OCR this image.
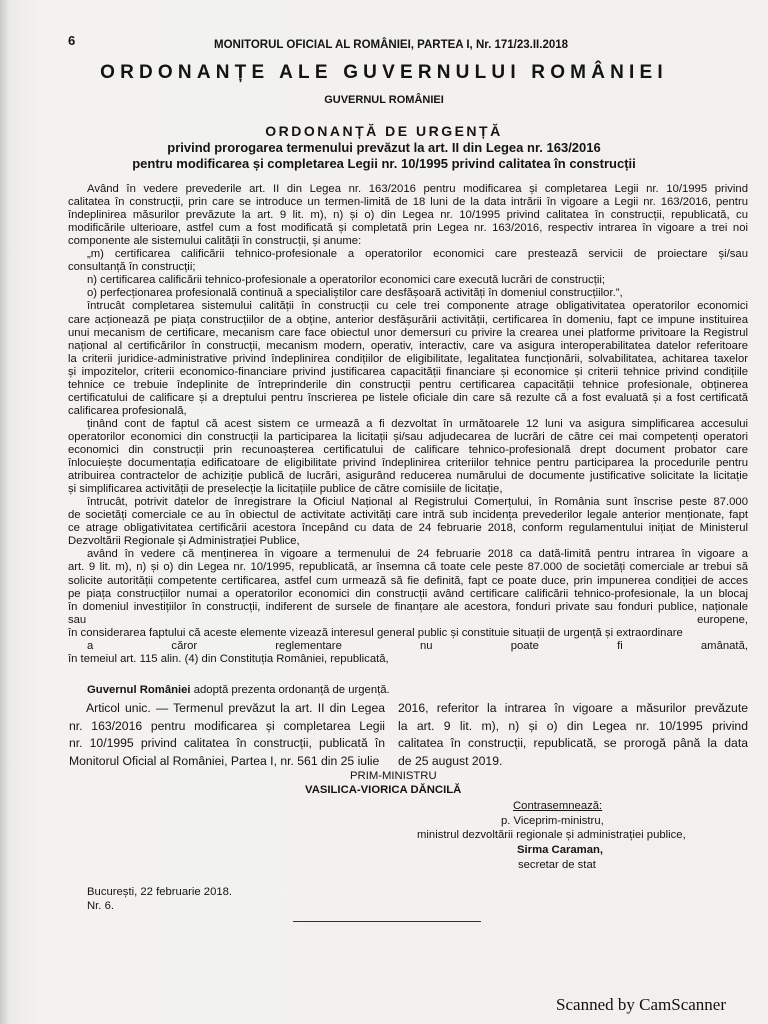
6	MONITORUL OFICIAL AL ROMÂNIEI, PARTEA I, Nr. 171/23.II.2018
ORDONANȚE ALE GUVERNULUI ROMÂNIEI
GUVERNUL ROMÂNIEI
ORDONANȚĂ DE URGENȚĂ
privind prorogarea termenului prevăzut la art. II din Legea nr. 163/2016
pentru modificarea și completarea Legii nr. 10/1995 privind calitatea în construcții
Având în vedere prevederile art. II din Legea nr. 163/2016 pentru modificarea și completarea Legii nr. 10/1995 privind
calitatea în construcții, prin care se introduce un termen-limită de 18 luni de la data intrării în vigoare a Legii nr. 163/2016, pentru
îndeplinirea măsurilor prevăzute la art. 9 lit. m), n) și o) din Legea nr. 10/1995 privind calitatea în construcții, republicată, cu
modificările ulterioare, astfel cum a fost modificată și completată prin Legea nr. 163/2016, respectiv intrarea în vigoare a trei noi
componente ale sistemului calității în construcții, și anume:
„m) certificarea calificării tehnico-profesionale a operatorilor economici care prestează servicii de proiectare și/sau
consultanță în construcții;
n) certificarea calificării tehnico-profesionale a operatorilor economici care execută lucrări de construcții;
o) perfecționarea profesională continuă a specialiștilor care desfășoară activități în domeniul construcțiilor.”,
întrucât completarea sistemului calității în construcții cu cele trei componente atrage obligativitatea operatorilor economici
care acționează pe piața construcțiilor de a obține, anterior desfășurării activității, certificarea în domeniu, fapt ce impune instituirea
unui mecanism de certificare, mecanism care face obiectul unor demersuri cu privire la crearea unei platforme privitoare la Registrul
național al certificărilor în construcții, mecanism modern, operativ, interactiv, care va asigura interoperabilitatea datelor referitoare
la criterii juridice-administrative privind îndeplinirea condițiilor de eligibilitate, legalitatea funcționării, solvabilitatea, achitarea taxelor
și impozitelor, criterii economico-financiare privind justificarea capacității financiare și economice și criterii tehnice privind condițiile
tehnice ce trebuie îndeplinite de întreprinderile din construcții pentru certificarea capacității tehnice profesionale, obținerea
certificatului de calificare și a dreptului pentru înscrierea pe listele oficiale din care să rezulte că a fost evaluată și a fost certificată
calificarea profesională,
ținând cont de faptul că acest sistem ce urmează a fi dezvoltat în următoarele 12 luni va asigura simplificarea accesului
operatorilor economici din construcții la participarea la licitații și/sau adjudecarea de lucrări de către cei mai competenți operatori
economici din construcții prin recunoașterea certificatului de calificare tehnico-profesională drept document probator care
înlocuiește documentația edificatoare de eligibilitate privind îndeplinirea criteriilor tehnice pentru participarea la procedurile pentru
atribuirea contractelor de achiziție publică de lucrări, asigurând reducerea numărului de documente justificative solicitate la licitație
și simplificarea activității de preselecție la licitațiile publice de către comisiile de licitație,
întrucât, potrivit datelor de înregistrare la Oficiul Național al Registrului Comerțului, în România sunt înscrise peste 87.000
de societăți comerciale ce au în obiectul de activitate activități care intră sub incidența prevederilor legale anterior menționate, fapt
ce atrage obligativitatea certificării acestora începând cu data de 24 februarie 2018, conform regulamentului inițiat de Ministerul
Dezvoltării Regionale și Administrației Publice,
având în vedere că menținerea în vigoare a termenului de 24 februarie 2018 ca dată-limită pentru intrarea în vigoare a
art. 9 lit. m), n) și o) din Legea nr. 10/1995, republicată, ar însemna că toate cele peste 87.000 de societăți comerciale ar trebui să
solicite autorității competente certificarea, astfel cum urmează să fie definită, fapt ce poate duce, prin impunerea condiției de acces
pe piața construcțiilor numai a operatorilor economici din construcții având certificare calificării tehnico-profesionale, la un blocaj
în domeniul investițiilor în construcții, indiferent de sursele de finanțare ale acestora, fonduri private sau fonduri publice, naționale
sau europene,
în considerarea faptului că aceste elemente vizează interesul general public și constituie situații de urgență și extraordinare
a căror reglementare nu poate fi amânată,
în temeiul art. 115 alin. (4) din Constituția României, republicată,
Guvernul României adoptă prezenta ordonanță de urgență.
Articol unic. — Termenul prevăzut la art. II din Legea
nr. 163/2016 pentru modificarea și completarea Legii
nr. 10/1995 privind calitatea în construcții, publicată în
Monitorul Oficial al României, Partea I, nr. 561 din 25 iulie
2016, referitor la intrarea în vigoare a măsurilor prevăzute
la art. 9 lit. m), n) și o) din Legea nr. 10/1995 privind
calitatea în construcții, republicată, se prorogă până la data
de 25 august 2019.
PRIM-MINISTRU
VASILICA-VIORICA DĂNCILĂ
Contrasemnează:
p. Viceprim-ministru,
ministrul dezvoltării regionale și administrației publice,
Sirma Caraman,
secretar de stat
București, 22 februarie 2018.
Nr. 6.
Scanned by CamScanner
